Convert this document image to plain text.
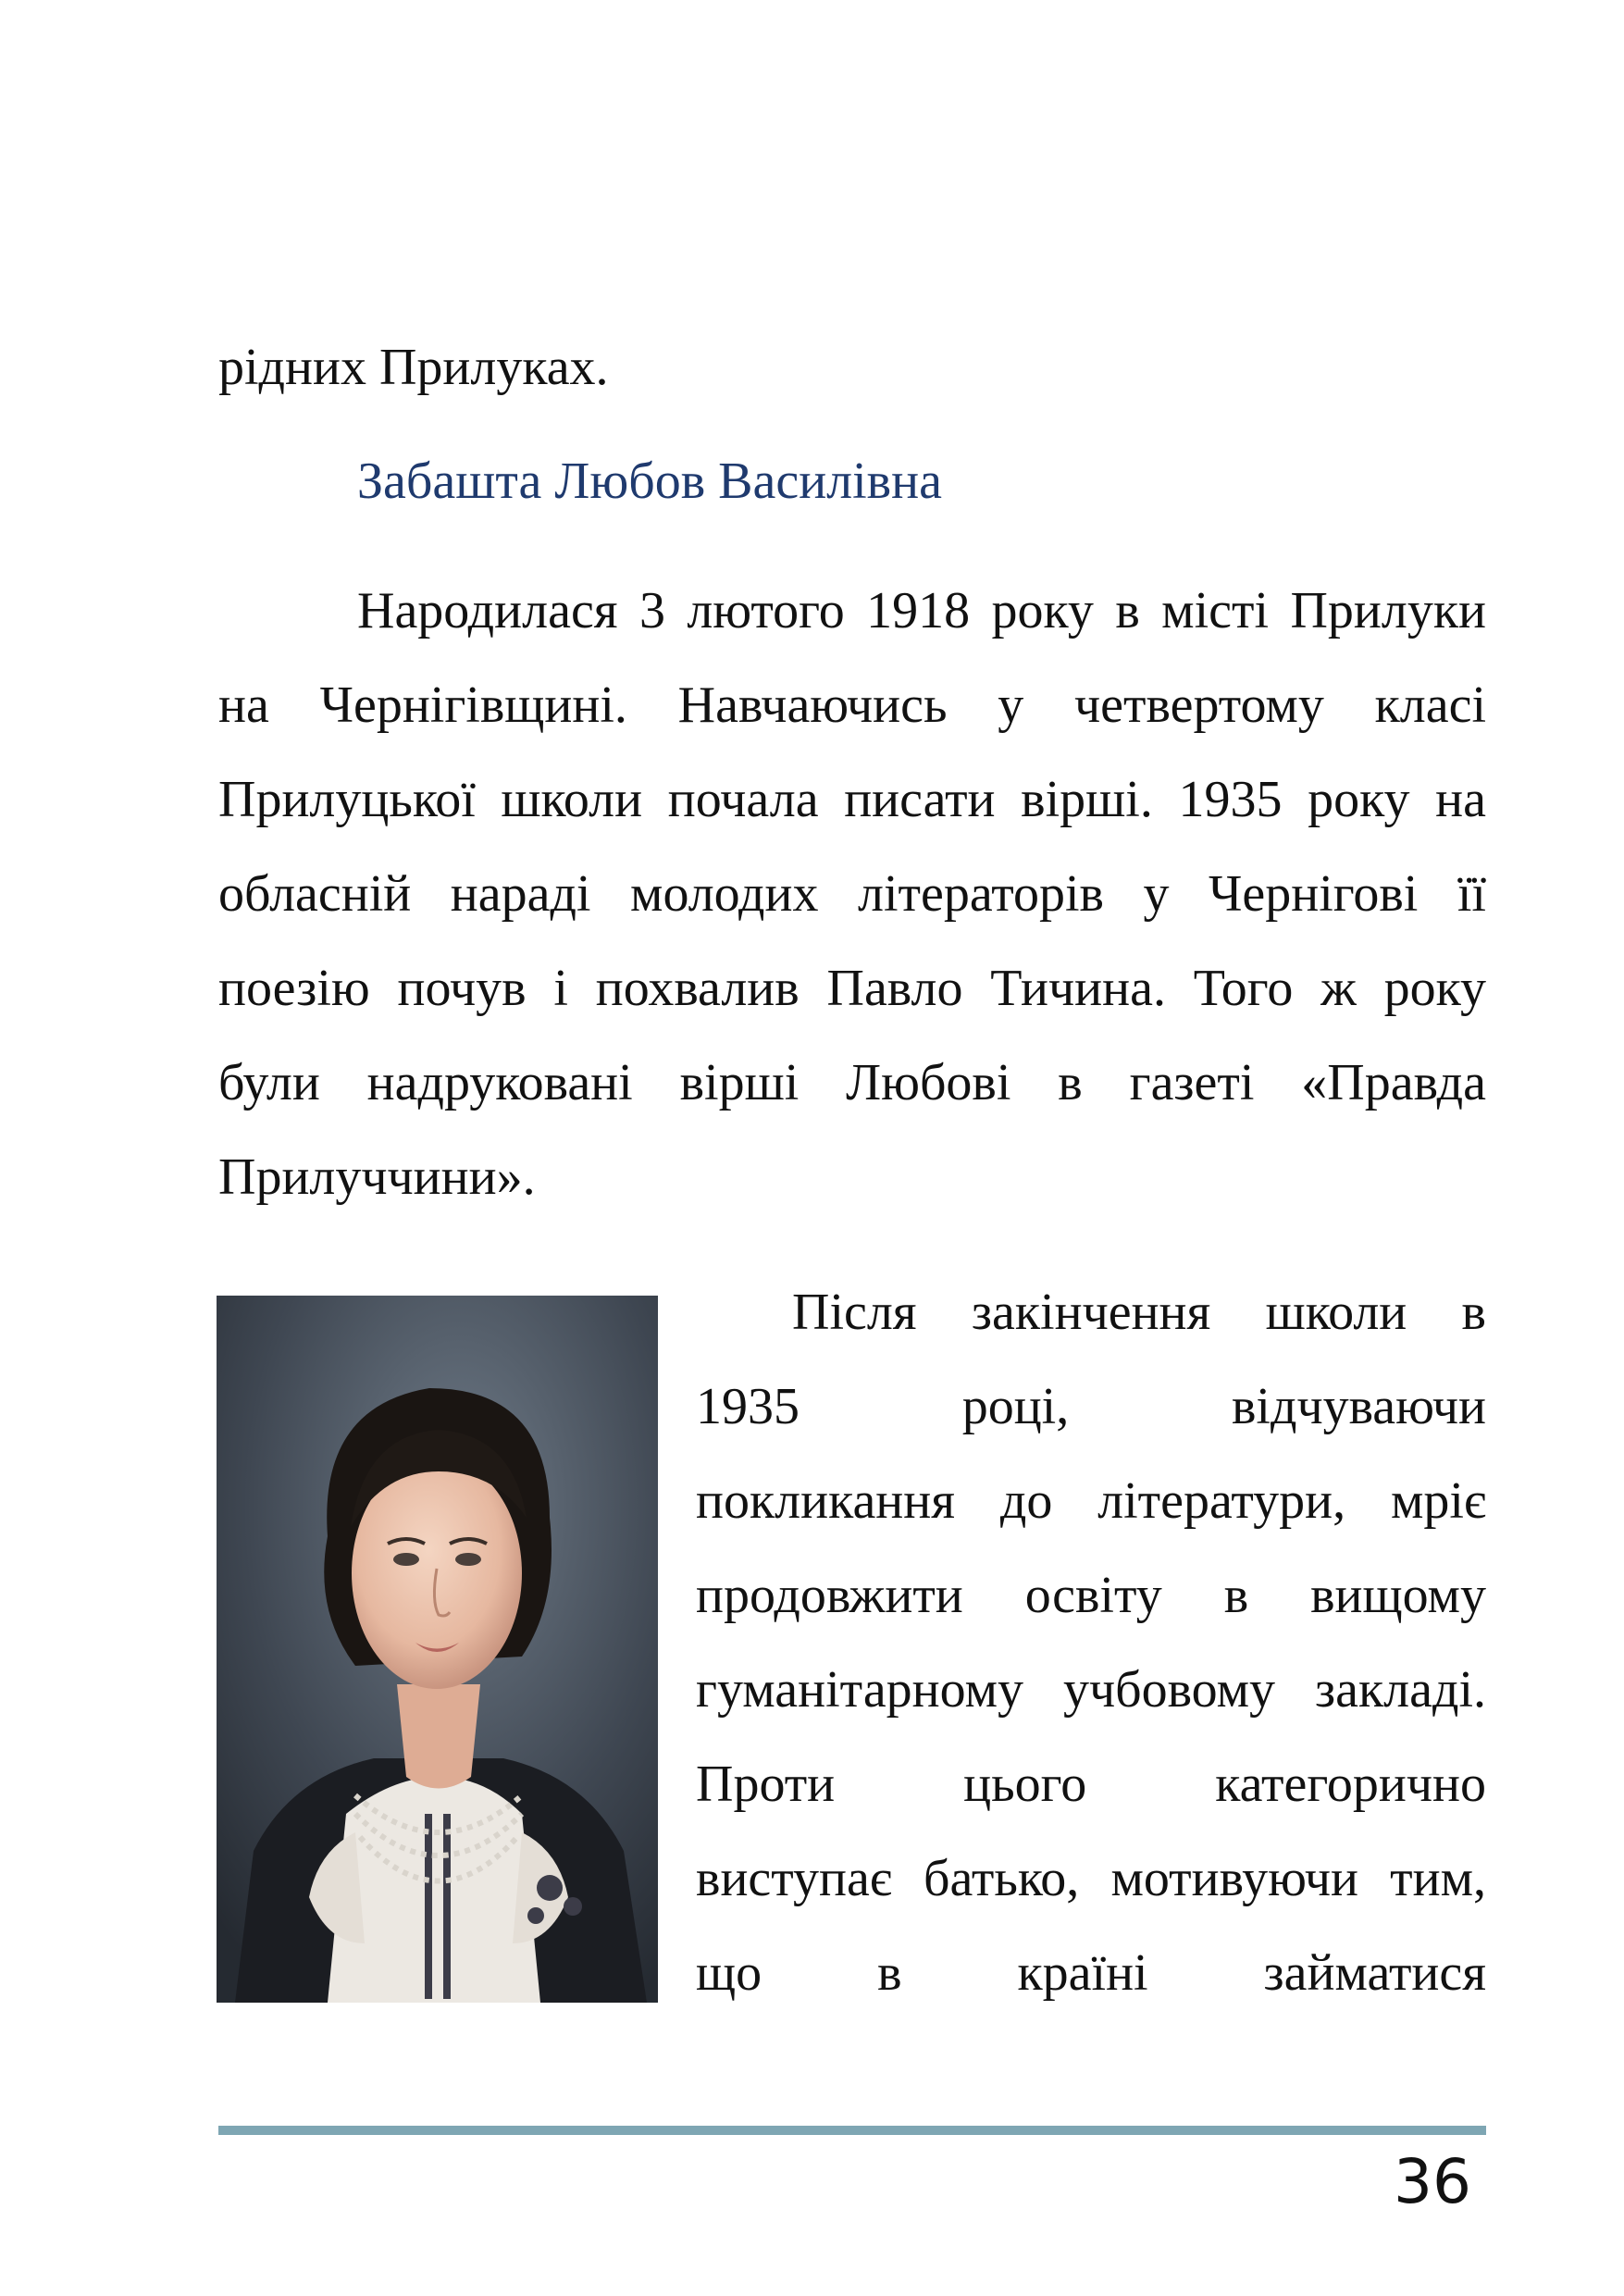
рідних Прилуках.
Забашта Любов Василівна
Народилася 3 лютого 1918 року в місті Прилуки
на Чернігівщині. Навчаючись у четвертому класі
Прилуцької школи почала писати вірші. 1935 року на
обласній нараді молодих літераторів у Чернігові її
поезію почув і похвалив Павло Тичина. Того ж року
були надруковані вірші Любові в газеті «Правда
Прилуччини».
Після закінчення школи в
1935 році, відчуваючи
покликання до літератури, мріє
продовжити освіту в вищому
гуманітарному учбовому закладі.
Проти цього категорично
виступає батько, мотивуючи тим,
що в країні займатися
36
